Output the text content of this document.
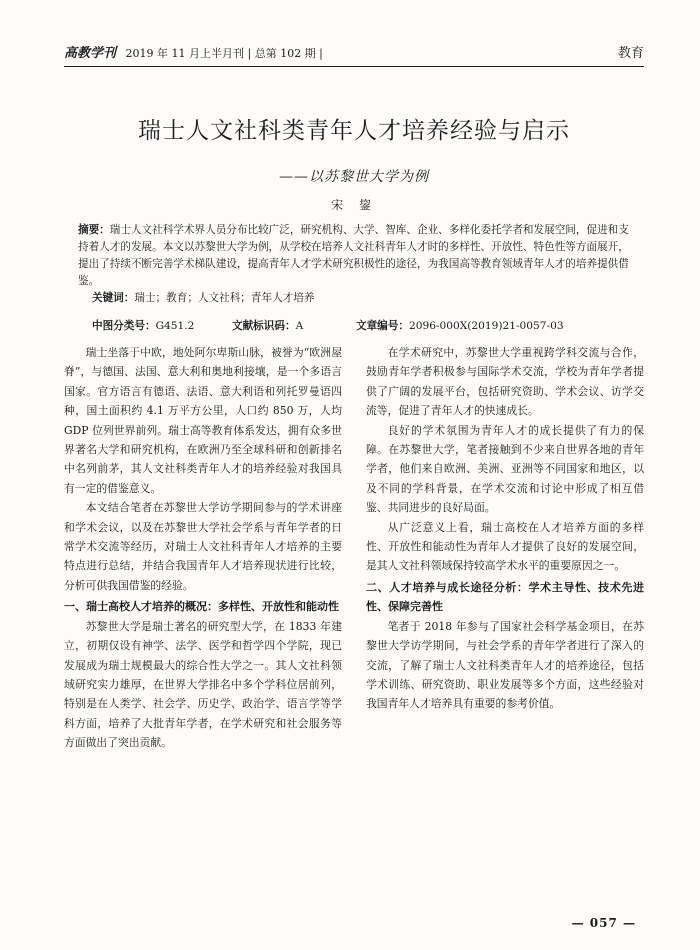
高教学刊 2019 年 11 月上半月刊 | 总第 102 期 |	教育
瑞士人文社科类青年人才培养经验与启示
——以苏黎世大学为例
宋 鋆

摘要：瑞士人文社科学术界人员分布比较广泛，研究机构、大学、智库、企业、多样化委托学者和发展空间，促进和支持着人才的发展。本文以苏黎世大学为例，从学校在培养人文社科青年人才时的多样性、开放性、特色性等方面展开，提出了持续不断完善学术梯队建设，提高青年人才学术研究积极性的途径，为我国高等教育领域青年人才的培养提供借鉴。

关键词：瑞士；教育；人文社科；青年人才培养

中图分类号：G451.2	文献标识码：A	文章编号：2096-000X(2019)21-0057-03

瑞士坐落于中欧，地处阿尔卑斯山脉，被誉为“欧洲屋脊”，与德国、法国、意大利和奥地利接壤，是一个多语言国家。官方语言有德语、法语、意大利语和列托罗曼语四种，国土面积约 4.1 万平方公里，人口约 850 万，人均 GDP 位列世界前列。瑞士高等教育体系发达，拥有众多世界著名大学和研究机构，在欧洲乃至全球科研和创新排名中名列前茅，其人文社科类青年人才的培养经验对我国具有一定的借鉴意义。

本文结合笔者在苏黎世大学访学期间参与的学术讲座和学术会议，以及在苏黎世大学社会学系与青年学者的日常学术交流等经历，对瑞士人文社科青年人才培养的主要特点进行总结，并结合我国青年人才培养现状进行比较，分析可供我国借鉴的经验。

一、瑞士高校人才培养的概况：多样性、开放性和能动性

苏黎世大学是瑞士著名的研究型大学，在 1833 年建立，初期仅设有神学、法学、医学和哲学四个学院，现已发展成为瑞士规模最大的综合性大学之一。其人文社科领域研究实力雄厚，在世界大学排名中多个学科位居前列，特别是在人类学、社会学、历史学、政治学、语言学等学科方面，培养了大批青年学者，在学术研究和社会服务等方面做出了突出贡献。

在学术研究中，苏黎世大学重视跨学科交流与合作，鼓励青年学者积极参与国际学术交流，学校为青年学者提供了广阔的发展平台，包括研究资助、学术会议、访学交流等，促进了青年人才的快速成长。

良好的学术氛围为青年人才的成长提供了有力的保障。在苏黎世大学，笔者接触到不少来自世界各地的青年学者，他们来自欧洲、美洲、亚洲等不同国家和地区，以及不同的学科背景，在学术交流和讨论中形成了相互借鉴、共同进步的良好局面。

从广泛意义上看，瑞士高校在人才培养方面的多样性、开放性和能动性为青年人才提供了良好的发展空间，是其人文社科领域保持较高学术水平的重要原因之一。

二、人才培养与成长途径分析：学术主导性、技术先进性、保障完善性

笔者于 2018 年参与了国家社会科学基金项目，在苏黎世大学访学期间，与社会学系的青年学者进行了深入的交流，了解了瑞士人文社科类青年人才的培养途径，包括学术训练、研究资助、职业发展等多个方面，这些经验对我国青年人才培养具有重要的参考价值。

— 057 —
